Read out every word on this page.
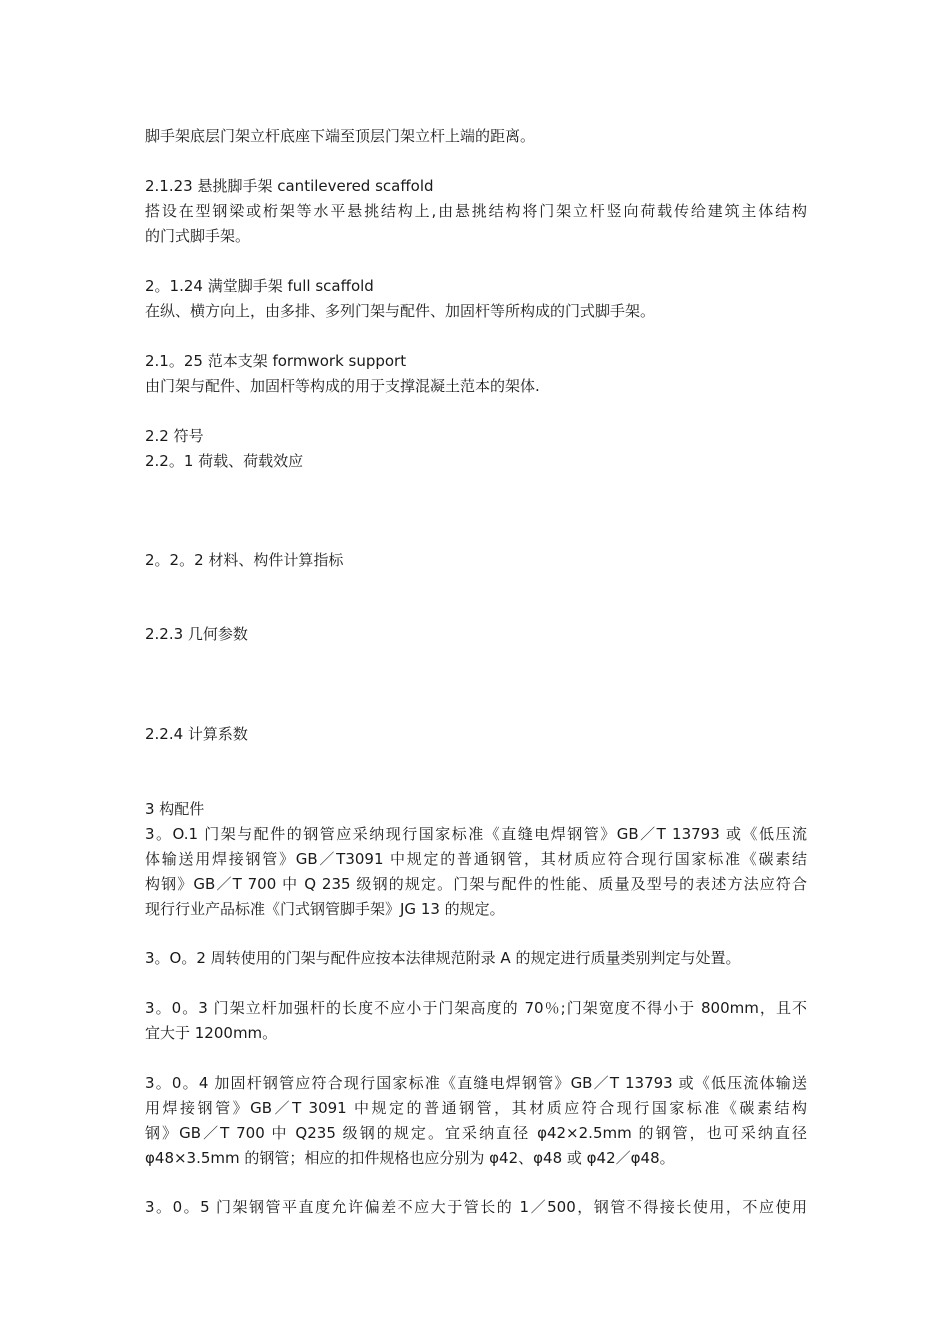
脚手架底层门架立杆底座下端至顶层门架立杆上端的距离。
2.1.23 悬挑脚手架 cantilevered scaffold
搭设在型钢梁或桁架等水平悬挑结构上,由悬挑结构将门架立杆竖向荷载传给建筑主体结构
的门式脚手架。
2。1.24 满堂脚手架 full scaffold
在纵、横方向上，由多排、多列门架与配件、加固杆等所构成的门式脚手架。
2.1。25 范本支架 formwork support
由门架与配件、加固杆等构成的用于支撑混凝土范本的架体.
2.2 符号
2.2。1 荷载、荷载效应
2。2。2 材料、构件计算指标
2.2.3 几何参数
2.2.4 计算系数
3 构配件
3。O.1 门架与配件的钢管应采纳现行国家标准《直缝电焊钢管》GB／T 13793 或《低压流
体输送用焊接钢管》GB／T3091 中规定的普通钢管，其材质应符合现行国家标准《碳素结
构钢》GB／T 700 中 Q 235 级钢的规定。门架与配件的性能、质量及型号的表述方法应符合
现行行业产品标准《门式钢管脚手架》JG 13 的规定。
3。O。2 周转使用的门架与配件应按本法律规范附录 A 的规定进行质量类别判定与处置。
3。0。3 门架立杆加强杆的长度不应小于门架高度的 70％;门架宽度不得小于 800mm，且不
宜大于 1200mm。
3。0。4 加固杆钢管应符合现行国家标准《直缝电焊钢管》GB／T 13793 或《低压流体输送
用焊接钢管》GB／T 3091 中规定的普通钢管，其材质应符合现行国家标准《碳素结构
钢》GB／T 700 中 Q235 级钢的规定。宜采纳直径 φ42×2.5mm 的钢管，也可采纳直径
φ48×3.5mm 的钢管；相应的扣件规格也应分别为 φ42、φ48 或 φ42／φ48。
3。0。5 门架钢管平直度允许偏差不应大于管长的 1／500，钢管不得接长使用，不应使用
